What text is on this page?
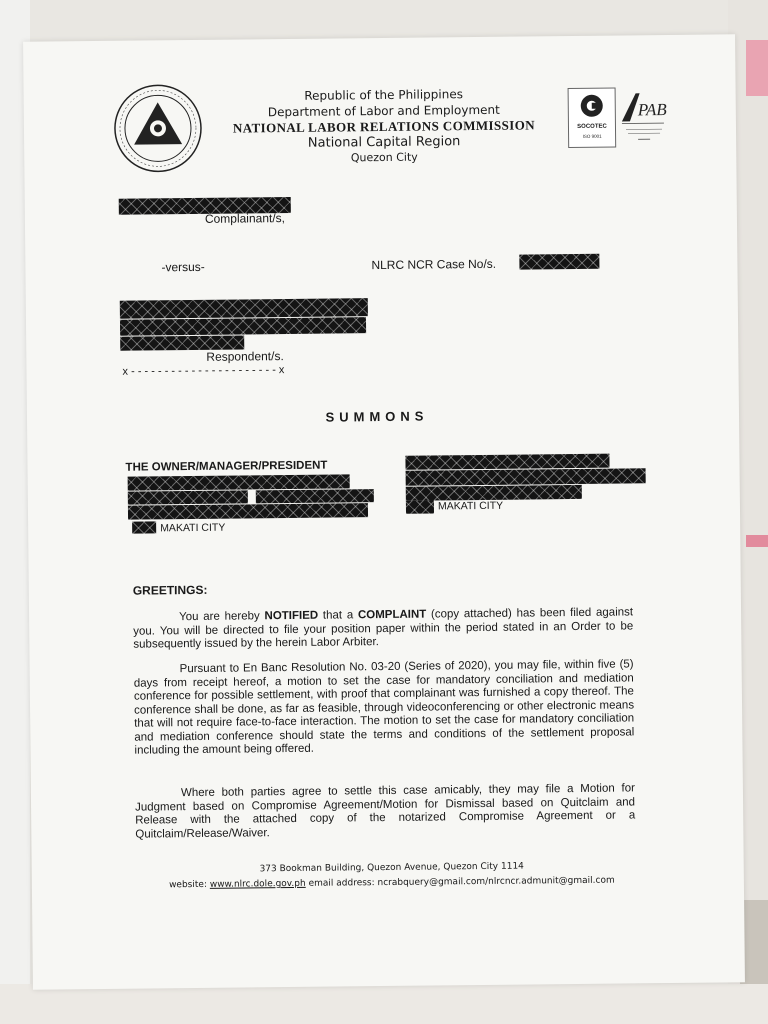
Republic of the Philippines
Department of Labor and Employment
NATIONAL LABOR RELATIONS COMMISSION
National Capital Region
Quezon City
SOCOTEC
ISO 9001
PAB
Complainant/s,
-versus-	NLRC NCR Case No/s.
Respondent/s.
x - - - - - - - - - - - - - - - - - - - - - - x
SUMMONS
THE OWNER/MANAGER/PRESIDENT
MAKATI CITY
MAKATI CITY
GREETINGS:
You are hereby NOTIFIED that a COMPLAINT (copy attached) has been filed against you. You will be directed to file your position paper within the period stated in an Order to be subsequently issued by the herein Labor Arbiter.
Pursuant to En Banc Resolution No. 03-20 (Series of 2020), you may file, within five (5) days from receipt hereof, a motion to set the case for mandatory conciliation and mediation conference for possible settlement, with proof that complainant was furnished a copy thereof. The conference shall be done, as far as feasible, through videoconferencing or other electronic means that will not require face-to-face interaction. The motion to set the case for mandatory conciliation and mediation conference should state the terms and conditions of the settlement proposal including the amount being offered.
Where both parties agree to settle this case amicably, they may file a Motion for Judgment based on Compromise Agreement/Motion for Dismissal based on Quitclaim and Release with the attached copy of the notarized Compromise Agreement or a Quitclaim/Release/Waiver.
373 Bookman Building, Quezon Avenue, Quezon City 1114
website: www.nlrc.dole.gov.ph email address: ncrabquery@gmail.com/nlrcncr.admunit@gmail.com
